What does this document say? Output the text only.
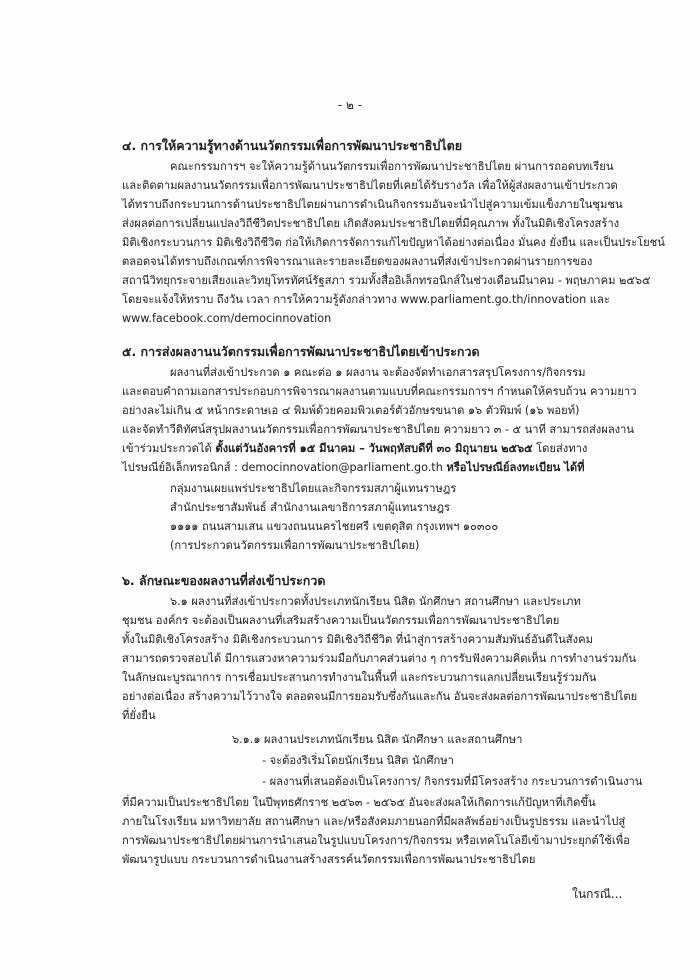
- ๒ -
๔. การให้ความรู้ทางด้านนวัตกรรมเพื่อการพัฒนาประชาธิปไตย
คณะกรรมการฯ จะให้ความรู้ด้านนวัตกรรมเพื่อการพัฒนาประชาธิปไตย ผ่านการถอดบทเรียน
และติดตามผลงานนวัตกรรมเพื่อการพัฒนาประชาธิปไตยที่เคยได้รับรางวัล เพื่อให้ผู้ส่งผลงานเข้าประกวด
ได้ทราบถึงกระบวนการด้านประชาธิปไตยผ่านการดำเนินกิจกรรมอันจะนำไปสู่ความเข้มแข็งภายในชุมชน
ส่งผลต่อการเปลี่ยนแปลงวิถีชีวิตประชาธิปไตย เกิดสังคมประชาธิปไตยที่มีคุณภาพ ทั้งในมิติเชิงโครงสร้าง
มิติเชิงกระบวนการ มิติเชิงวิถีชีวิต ก่อให้เกิดการจัดการแก้ไขปัญหาได้อย่างต่อเนื่อง มั่นคง ยั่งยืน และเป็นประโยชน์
ตลอดจนได้ทราบถึงเกณฑ์การพิจารณาและรายละเอียดของผลงานที่ส่งเข้าประกวดผ่านรายการของ
สถานีวิทยุกระจายเสียงและวิทยุโทรทัศน์รัฐสภา รวมทั้งสื่ออิเล็กทรอนิกส์ในช่วงเดือนมีนาคม - พฤษภาคม ๒๕๖๕
โดยจะแจ้งให้ทราบ ถึงวัน เวลา การให้ความรู้ดังกล่าวทาง www.parliament.go.th/innovation และ
www.facebook.com/democinnovation
๕. การส่งผลงานนวัตกรรมเพื่อการพัฒนาประชาธิปไตยเข้าประกวด
ผลงานที่ส่งเข้าประกวด ๑ คณะต่อ ๑ ผลงาน จะต้องจัดทำเอกสารสรุปโครงการ/กิจกรรม
และตอบคำถามเอกสารประกอบการพิจารณาผลงานตามแบบที่คณะกรรมการฯ กำหนดให้ครบถ้วน ความยาว
อย่างละไม่เกิน ๕ หน้ากระดาษเอ ๔ พิมพ์ด้วยคอมพิวเตอร์ตัวอักษรขนาด ๑๖ ตัวพิมพ์ (๑๖ พอยท์)
และจัดทำวีดิทัศน์สรุปผลงานนวัตกรรมเพื่อการพัฒนาประชาธิปไตย ความยาว ๓ - ๕ นาที สามารถส่งผลงาน
เข้าร่วมประกวดได้ ตั้งแต่วันอังคารที่ ๑๕ มีนาคม – วันพฤหัสบดีที่ ๓๐ มิถุนายน ๒๕๖๕ โดยส่งทาง
ไปรษณีย์อิเล็กทรอนิกส์ : democinnovation@parliament.go.th หรือไปรษณีย์ลงทะเบียน ได้ที่
กลุ่มงานเผยแพร่ประชาธิปไตยและกิจกรรมสภาผู้แทนราษฎร
สำนักประชาสัมพันธ์ สำนักงานเลขาธิการสภาผู้แทนราษฎร
๑๑๑๑ ถนนสามเสน แขวงถนนนครไชยศรี เขตดุสิต กรุงเทพฯ ๑๐๓๐๐
(การประกวดนวัตกรรมเพื่อการพัฒนาประชาธิปไตย)
๖. ลักษณะของผลงานที่ส่งเข้าประกวด
๖.๑ ผลงานที่ส่งเข้าประกวดทั้งประเภทนักเรียน นิสิต นักศึกษา สถานศึกษา และประเภท
ชุมชน องค์กร จะต้องเป็นผลงานที่เสริมสร้างความเป็นนวัตกรรมเพื่อการพัฒนาประชาธิปไตย
ทั้งในมิติเชิงโครงสร้าง มิติเชิงกระบวนการ มิติเชิงวิถีชีวิต ที่นำสู่การสร้างความสัมพันธ์อันดีในสังคม
สามารถตรวจสอบได้ มีการแสวงหาความร่วมมือกับภาคส่วนต่าง ๆ การรับฟังความคิดเห็น การทำงานร่วมกัน
ในลักษณะบูรณาการ การเชื่อมประสานการทำงานในพื้นที่ และกระบวนการแลกเปลี่ยนเรียนรู้ร่วมกัน
อย่างต่อเนื่อง สร้างความไว้วางใจ ตลอดจนมีการยอมรับซึ่งกันและกัน อันจะส่งผลต่อการพัฒนาประชาธิปไตย
ที่ยั่งยืน
๖.๑.๑ ผลงานประเภทนักเรียน นิสิต นักศึกษา และสถานศึกษา
- จะต้องริเริ่มโดยนักเรียน นิสิต นักศึกษา
- ผลงานที่เสนอต้องเป็นโครงการ/ กิจกรรมที่มีโครงสร้าง กระบวนการดำเนินงาน
ที่มีความเป็นประชาธิปไตย ในปีพุทธศักราช ๒๕๖๓ - ๒๕๖๕ อันจะส่งผลให้เกิดการแก้ปัญหาที่เกิดขึ้น
ภายในโรงเรียน มหาวิทยาลัย สถานศึกษา และ/หรือสังคมภายนอกที่มีผลลัพธ์อย่างเป็นรูปธรรม และนำไปสู่
การพัฒนาประชาธิปไตยผ่านการนำเสนอในรูปแบบโครงการ/กิจกรรม หรือเทคโนโลยีเข้ามาประยุกต์ใช้เพื่อ
พัฒนารูปแบบ กระบวนการดำเนินงานสร้างสรรค์นวัตกรรมเพื่อการพัฒนาประชาธิปไตย
ในกรณี...
